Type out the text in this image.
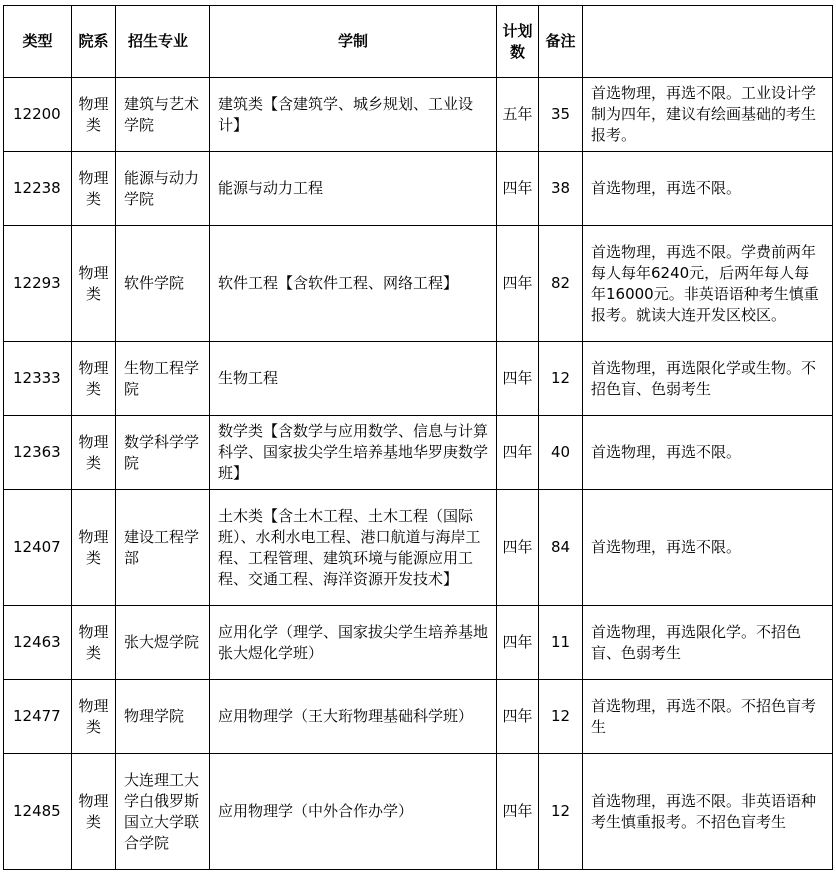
类型	院系	招生专业	学制	计划数	备注	
12200	物理类	建筑与艺术学院	建筑类【含建筑学、城乡规划、工业设计】	五年	35	首选物理，再选不限。工业设计学制为四年，建议有绘画基础的考生报考。
12238	物理类	能源与动力学院	能源与动力工程	四年	38	首选物理，再选不限。
12293	物理类	软件学院	软件工程【含软件工程、网络工程】	四年	82	首选物理，再选不限。学费前两年每人每年6240元，后两年每人每年16000元。非英语语种考生慎重报考。就读大连开发区校区。
12333	物理类	生物工程学院	生物工程	四年	12	首选物理，再选限化学或生物。不招色盲、色弱考生
12363	物理类	数学科学学院	数学类【含数学与应用数学、信息与计算科学、国家拔尖学生培养基地华罗庚数学班】	四年	40	首选物理，再选不限。
12407	物理类	建设工程学部	土木类【含土木工程、土木工程（国际班）、水利水电工程、港口航道与海岸工程、工程管理、建筑环境与能源应用工程、交通工程、海洋资源开发技术】	四年	84	首选物理，再选不限。
12463	物理类	张大煜学院	应用化学（理学、国家拔尖学生培养基地张大煜化学班）	四年	11	首选物理，再选限化学。不招色盲、色弱考生
12477	物理类	物理学院	应用物理学（王大珩物理基础科学班）	四年	12	首选物理，再选不限。不招色盲考生
12485	物理类	大连理工大学白俄罗斯国立大学联合学院	应用物理学（中外合作办学）	四年	12	首选物理，再选不限。非英语语种考生慎重报考。不招色盲考生
